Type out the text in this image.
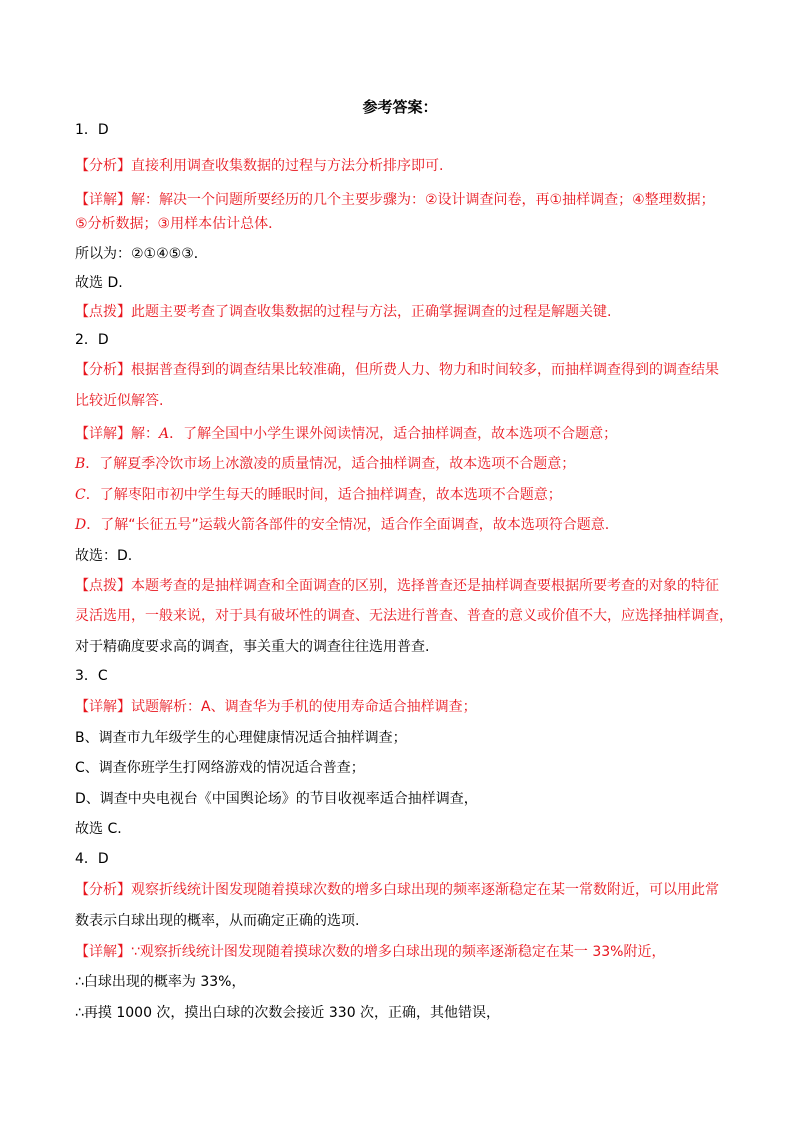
参考答案：
1．D
【分析】直接利用调查收集数据的过程与方法分析排序即可.
【详解】解：解决一个问题所要经历的几个主要步骤为：②设计调查问卷，再①抽样调查；④整理数据；
⑤分析数据；③用样本估计总体．
所以为：②①④⑤③．
故选 D.
【点拨】此题主要考查了调查收集数据的过程与方法，正确掌握调查的过程是解题关键.
2．D
【分析】根据普查得到的调查结果比较准确，但所费人力、物力和时间较多，而抽样调查得到的调查结果
比较近似解答.
【详解】解：A．了解全国中小学生课外阅读情况，适合抽样调查，故本选项不合题意；
B．了解夏季冷饮市场上冰激凌的质量情况，适合抽样调查，故本选项不合题意；
C．了解枣阳市初中学生每天的睡眠时间，适合抽样调查，故本选项不合题意；
D．了解“长征五号”运载火箭各部件的安全情况，适合作全面调查，故本选项符合题意.
故选：D.
【点拨】本题考查的是抽样调查和全面调查的区别，选择普查还是抽样调查要根据所要考查的对象的特征
灵活选用，一般来说，对于具有破坏性的调查、无法进行普查、普查的意义或价值不大，应选择抽样调查，
对于精确度要求高的调查，事关重大的调查往往选用普查.
3．C
【详解】试题解析：A、调查华为手机的使用寿命适合抽样调查；
B、调查市九年级学生的心理健康情况适合抽样调查；
C、调查你班学生打网络游戏的情况适合普查；
D、调查中央电视台《中国舆论场》的节目收视率适合抽样调查，
故选 C.
4．D
【分析】观察折线统计图发现随着摸球次数的增多白球出现的频率逐渐稳定在某一常数附近，可以用此常
数表示白球出现的概率，从而确定正确的选项.
【详解】∵观察折线统计图发现随着摸球次数的增多白球出现的频率逐渐稳定在某一 33%附近，
∴白球出现的概率为 33%，
∴再摸 1000 次，摸出白球的次数会接近 330 次，正确，其他错误，
